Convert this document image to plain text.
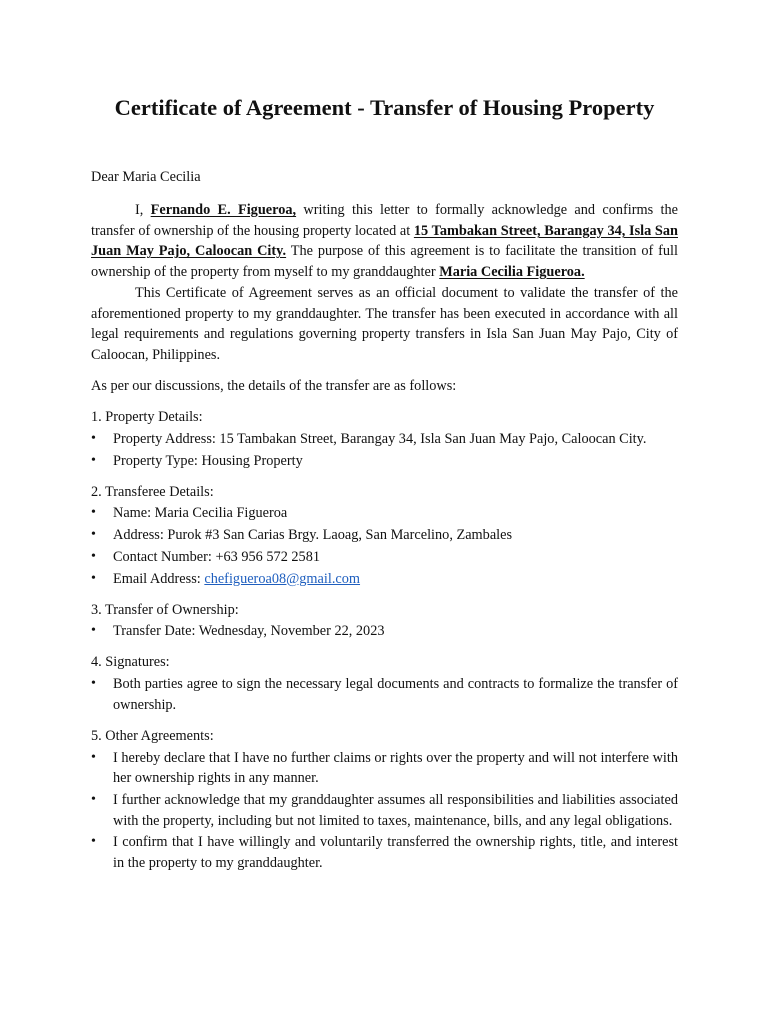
Certificate of Agreement - Transfer of Housing Property

Dear Maria Cecilia

I, Fernando E. Figueroa, writing this letter to formally acknowledge and confirms the transfer of ownership of the housing property located at 15 Tambakan Street, Barangay 34, Isla San Juan May Pajo, Caloocan City. The purpose of this agreement is to facilitate the transition of full ownership of the property from myself to my granddaughter Maria Cecilia Figueroa.

This Certificate of Agreement serves as an official document to validate the transfer of the aforementioned property to my granddaughter. The transfer has been executed in accordance with all legal requirements and regulations governing property transfers in Isla San Juan May Pajo, City of Caloocan, Philippines.

As per our discussions, the details of the transfer are as follows:

1. Property Details:

• Property Address: 15 Tambakan Street, Barangay 34, Isla San Juan May Pajo, Caloocan City.
• Property Type: Housing Property

2. Transferee Details:

• Name: Maria Cecilia Figueroa
• Address: Purok #3 San Carias Brgy. Laoag, San Marcelino, Zambales
• Contact Number: +63 956 572 2581
• Email Address: chefigueroa08@gmail.com

3. Transfer of Ownership:

• Transfer Date: Wednesday, November 22, 2023

4. Signatures:

• Both parties agree to sign the necessary legal documents and contracts to formalize the transfer of ownership.

5. Other Agreements:

• I hereby declare that I have no further claims or rights over the property and will not interfere with her ownership rights in any manner.
• I further acknowledge that my granddaughter assumes all responsibilities and liabilities associated with the property, including but not limited to taxes, maintenance, bills, and any legal obligations.
• I confirm that I have willingly and voluntarily transferred the ownership rights, title, and interest in the property to my granddaughter.
